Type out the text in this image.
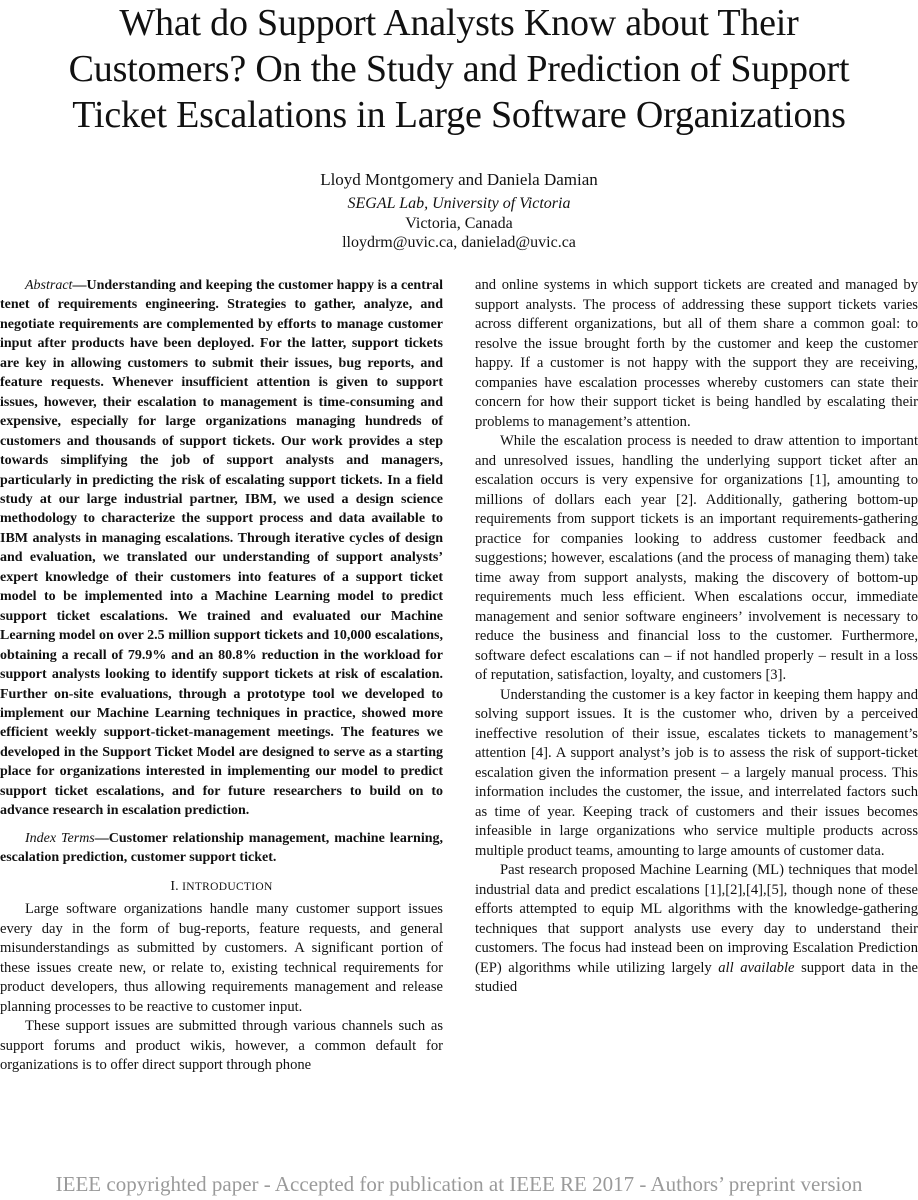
What do Support Analysts Know about Their
Customers? On the Study and Prediction of Support
Ticket Escalations in Large Software Organizations
Lloyd Montgomery and Daniela Damian
SEGAL Lab, University of Victoria
Victoria, Canada
lloydrm@uvic.ca, danielad@uvic.ca

Abstract—Understanding and keeping the customer happy is a central tenet of requirements engineering. Strategies to gather, analyze, and negotiate requirements are complemented by efforts to manage customer input after products have been deployed. For the latter, support tickets are key in allowing customers to submit their issues, bug reports, and feature requests. Whenever insufficient attention is given to support issues, however, their escalation to management is time-consuming and expensive, especially for large organizations managing hundreds of customers and thousands of support tickets. Our work provides a step towards simplifying the job of support analysts and managers, particularly in predicting the risk of escalating support tickets. In a field study at our large industrial partner, IBM, we used a design science methodology to characterize the support process and data available to IBM analysts in managing escalations. Through iterative cycles of design and evaluation, we translated our understanding of support analysts’ expert knowledge of their customers into features of a support ticket model to be implemented into a Machine Learning model to predict support ticket escalations. We trained and evaluated our Machine Learning model on over 2.5 million support tickets and 10,000 escalations, obtaining a recall of 79.9% and an 80.8% reduction in the workload for support analysts looking to identify support tickets at risk of escalation. Further on-site evaluations, through a prototype tool we developed to implement our Machine Learning techniques in practice, showed more efficient weekly support-ticket-management meetings. The features we developed in the Support Ticket Model are designed to serve as a starting place for organizations interested in implementing our model to predict support ticket escalations, and for future researchers to build on to advance research in escalation prediction.

Index Terms—Customer relationship management, machine learning, escalation prediction, customer support ticket.

I. INTRODUCTION

Large software organizations handle many customer support issues every day in the form of bug-reports, feature requests, and general misunderstandings as submitted by customers. A significant portion of these issues create new, or relate to, existing technical requirements for product developers, thus allowing requirements management and release planning processes to be reactive to customer input.

These support issues are submitted through various channels such as support forums and product wikis, however, a common default for organizations is to offer direct support through phone

and online systems in which support tickets are created and managed by support analysts. The process of addressing these support tickets varies across different organizations, but all of them share a common goal: to resolve the issue brought forth by the customer and keep the customer happy. If a customer is not happy with the support they are receiving, companies have escalation processes whereby customers can state their concern for how their support ticket is being handled by escalating their problems to management’s attention.

While the escalation process is needed to draw attention to important and unresolved issues, handling the underlying support ticket after an escalation occurs is very expensive for organizations [1], amounting to millions of dollars each year [2]. Additionally, gathering bottom-up requirements from support tickets is an important requirements-gathering practice for companies looking to address customer feedback and suggestions; however, escalations (and the process of managing them) take time away from support analysts, making the discovery of bottom-up requirements much less efficient. When escalations occur, immediate management and senior software engineers’ involvement is necessary to reduce the business and financial loss to the customer. Furthermore, software defect escalations can – if not handled properly – result in a loss of reputation, satisfaction, loyalty, and customers [3].

Understanding the customer is a key factor in keeping them happy and solving support issues. It is the customer who, driven by a perceived ineffective resolution of their issue, escalates tickets to management’s attention [4]. A support analyst’s job is to assess the risk of support-ticket escalation given the information present – a largely manual process. This information includes the customer, the issue, and interrelated factors such as time of year. Keeping track of customers and their issues becomes infeasible in large organizations who service multiple products across multiple product teams, amounting to large amounts of customer data.

Past research proposed Machine Learning (ML) techniques that model industrial data and predict escalations [1],[2],[4],[5], though none of these efforts attempted to equip ML algorithms with the knowledge-gathering techniques that support analysts use every day to understand their customers. The focus had instead been on improving Escalation Prediction (EP) algorithms while utilizing largely all available support data in the studied

IEEE copyrighted paper - Accepted for publication at IEEE RE 2017 - Authors’ preprint version
